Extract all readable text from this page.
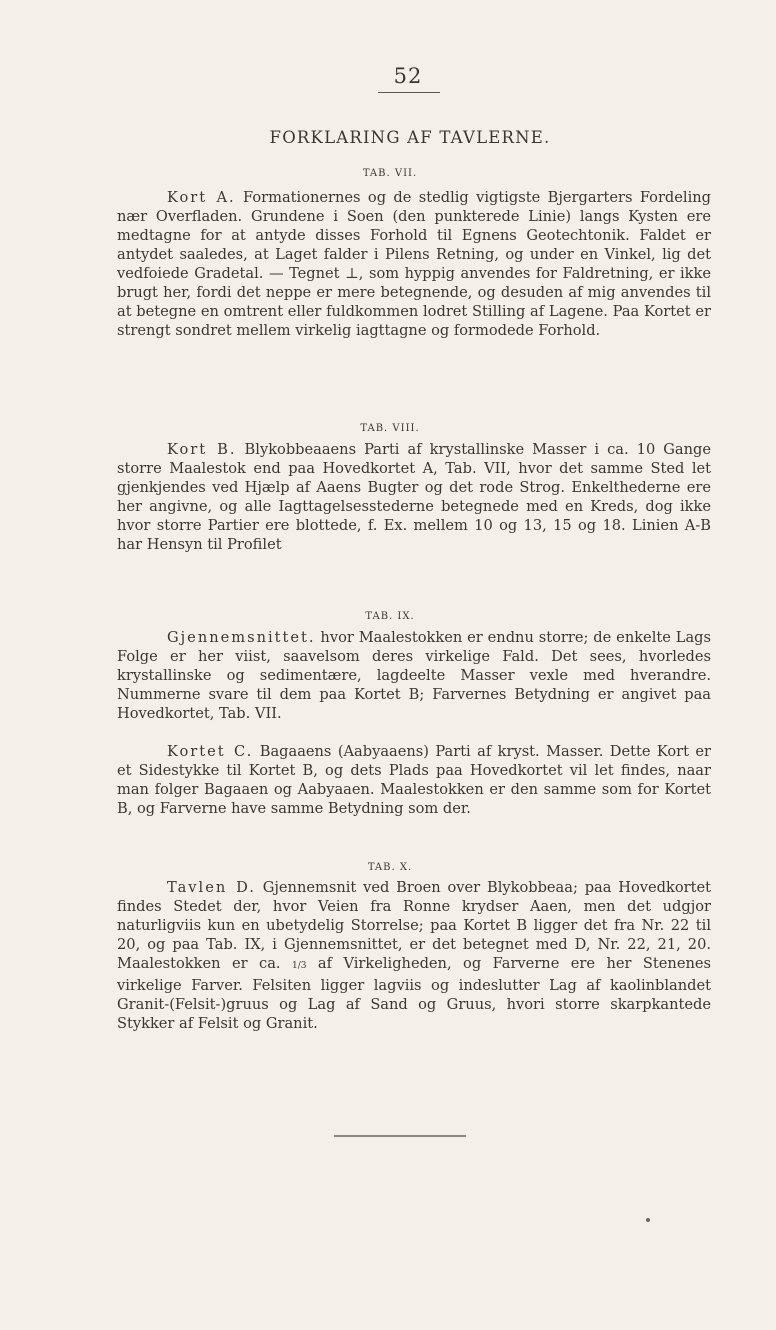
52
FORKLARING AF TAVLERNE.
TAB. VII.
Kort A. Formationernes og de stedlig vigtigste Bjergarters Fordeling nær Overfladen. Grundene i Soen (den punkterede Linie) langs Kysten ere medtagne for at antyde disses Forhold til Egnens Geotechtonik. Faldet er antydet saaledes, at Laget falder i Pilens Retning, og under en Vinkel, lig det vedfoiede Gradetal. — Tegnet ⊥, som hyppig anvendes for Faldretning, er ikke brugt her, fordi det neppe er mere betegnende, og desuden af mig anvendes til at betegne en omtrent eller fuldkommen lodret Stilling af Lagene. Paa Kortet er strengt sondret mellem virkelig iagttagne og formodede Forhold.
TAB. VIII.
Kort B. Blykobbeaaens Parti af krystallinske Masser i ca. 10 Gange storre Maalestok end paa Hovedkortet A, Tab. VII, hvor det samme Sted let gjenkjendes ved Hjælp af Aaens Bugter og det rode Strog. Enkelthederne ere her angivne, og alle Iagttagelsesstederne betegnede med en Kreds, dog ikke hvor storre Partier ere blottede, f. Ex. mellem 10 og 13, 15 og 18. Linien A-B har Hensyn til Profilet
TAB. IX.
Gjennemsnittet. hvor Maalestokken er endnu storre; de enkelte Lags Folge er her viist, saavelsom deres virkelige Fald. Det sees, hvorledes krystallinske og sedimentære, lagdeelte Masser vexle med hverandre. Nummerne svare til dem paa Kortet B; Farvernes Betydning er angivet paa Hovedkortet, Tab. VII.
Kortet C. Bagaaens (Aabyaaens) Parti af kryst. Masser. Dette Kort er et Sidestykke til Kortet B, og dets Plads paa Hovedkortet vil let findes, naar man folger Bagaaen og Aabyaaen. Maalestokken er den samme som for Kortet B, og Farverne have samme Betydning som der.
TAB. X.
Tavlen D. Gjennemsnit ved Broen over Blykobbeaa; paa Hovedkortet findes Stedet der, hvor Veien fra Ronne krydser Aaen, men det udgjor naturligviis kun en ubetydelig Storrelse; paa Kortet B ligger det fra Nr. 22 til 20, og paa Tab. IX, i Gjennemsnittet, er det betegnet med D, Nr. 22, 21, 20. Maalestokken er ca. 1/3 af Virkeligheden, og Farverne ere her Stenenes virkelige Farver. Felsiten ligger lagviis og indeslutter Lag af kaolinblandet Granit-(Felsit-)gruus og Lag af Sand og Gruus, hvori storre skarpkantede Stykker af Felsit og Granit.
